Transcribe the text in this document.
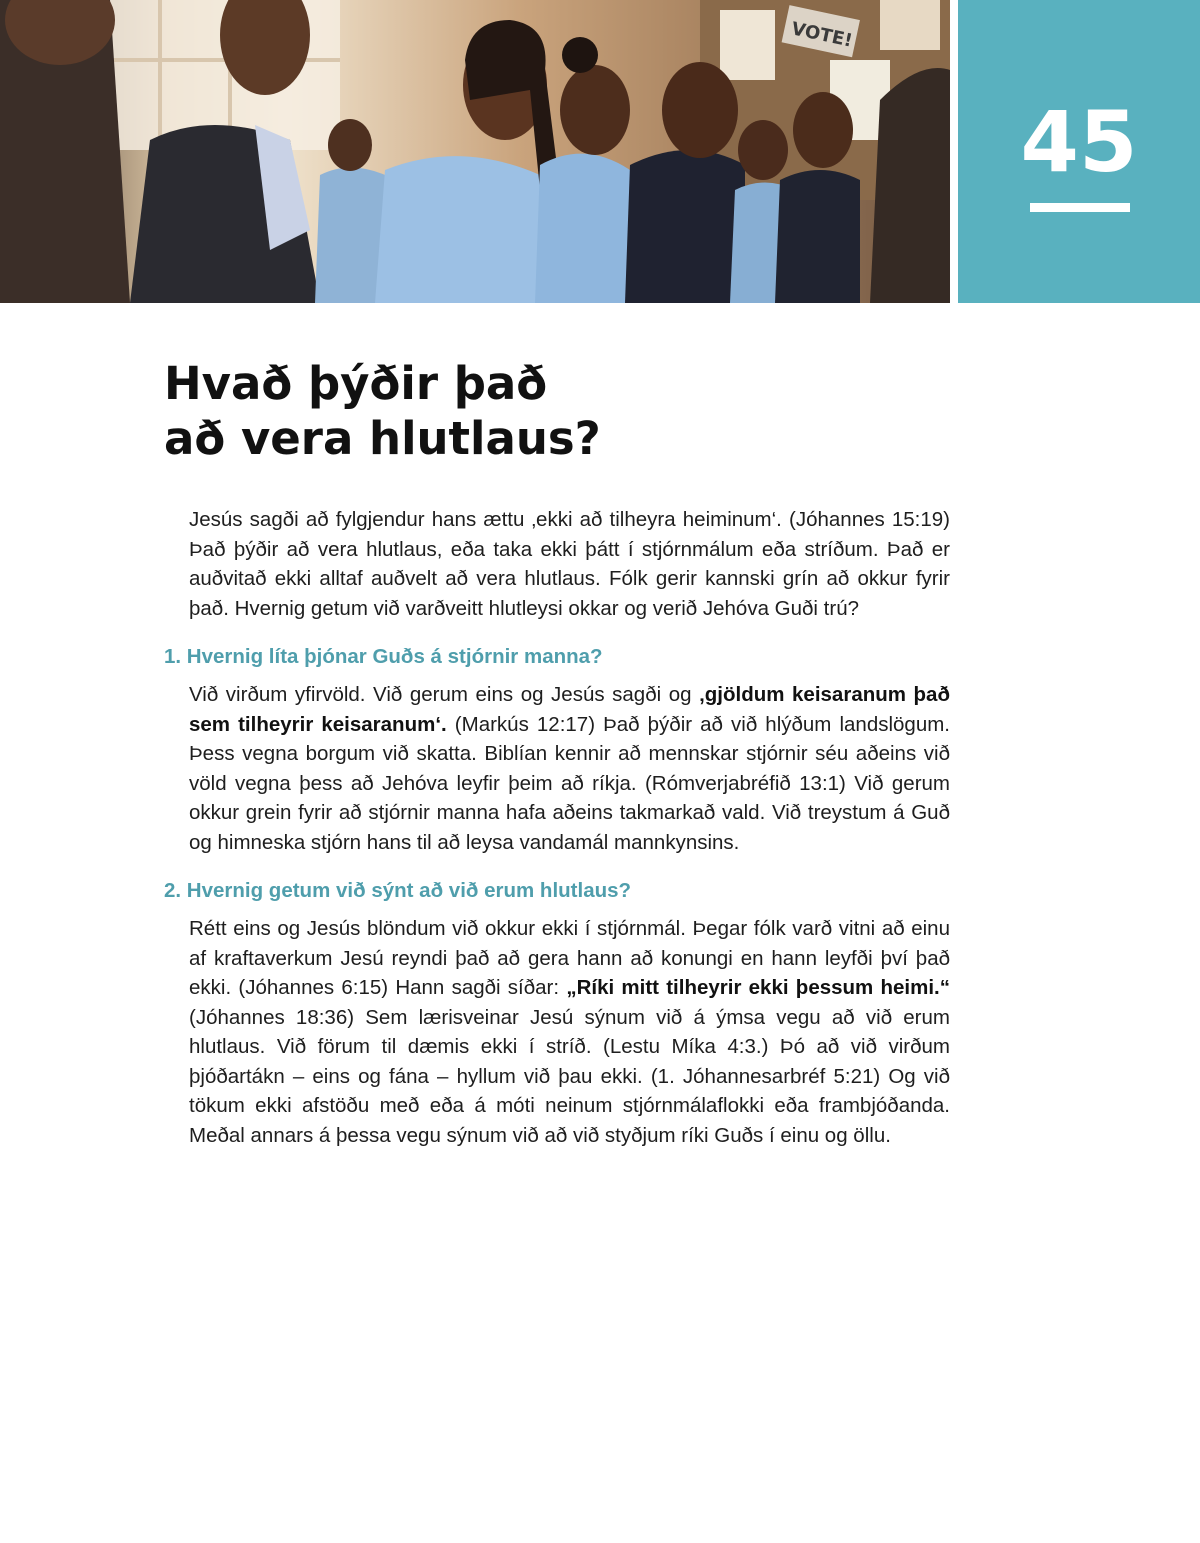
VOTE!
45
Hvað þýðir það
að vera hlutlaus?

Jesús sagði að fylgjendur hans ættu ‚ekki að tilheyra heiminum‘. (Jóhannes 15:19) Það þýðir að vera hlutlaus, eða taka ekki þátt í stjórnmálum eða stríðum. Það er auðvitað ekki alltaf auðvelt að vera hlutlaus. Fólk gerir kannski grín að okkur fyrir það. Hvernig getum við varðveitt hlutleysi okkar og verið Jehóva Guði trú?

1. Hvernig líta þjónar Guðs á stjórnir manna?

Við virðum yfirvöld. Við gerum eins og Jesús sagði og ‚gjöldum keisaranum það sem tilheyrir keisaranum‘. (Markús 12:17) Það þýðir að við hlýðum landslögum. Þess vegna borgum við skatta. Biblían kennir að mennskar stjórnir séu aðeins við völd vegna þess að Jehóva leyfir þeim að ríkja. (Rómverjabréfið 13:1) Við gerum okkur grein fyrir að stjórnir manna hafa aðeins takmarkað vald. Við treystum á Guð og himneska stjórn hans til að leysa vandamál mannkynsins.

2. Hvernig getum við sýnt að við erum hlutlaus?

Rétt eins og Jesús blöndum við okkur ekki í stjórnmál. Þegar fólk varð vitni að einu af kraftaverkum Jesú reyndi það að gera hann að konungi en hann leyfði því það ekki. (Jóhannes 6:15) Hann sagði síðar: „Ríki mitt tilheyrir ekki þessum heimi.“ (Jóhannes 18:36) Sem lærisveinar Jesú sýnum við á ýmsa vegu að við erum hlutlaus. Við förum til dæmis ekki í stríð. (Lestu Míka 4:3.) Þó að við virðum þjóðartákn – eins og fána – hyllum við þau ekki. (1. Jóhannesarbréf 5:21) Og við tökum ekki afstöðu með eða á móti neinum stjórnmálaflokki eða frambjóðanda. Meðal annars á þessa vegu sýnum við að við styðjum ríki Guðs í einu og öllu.
